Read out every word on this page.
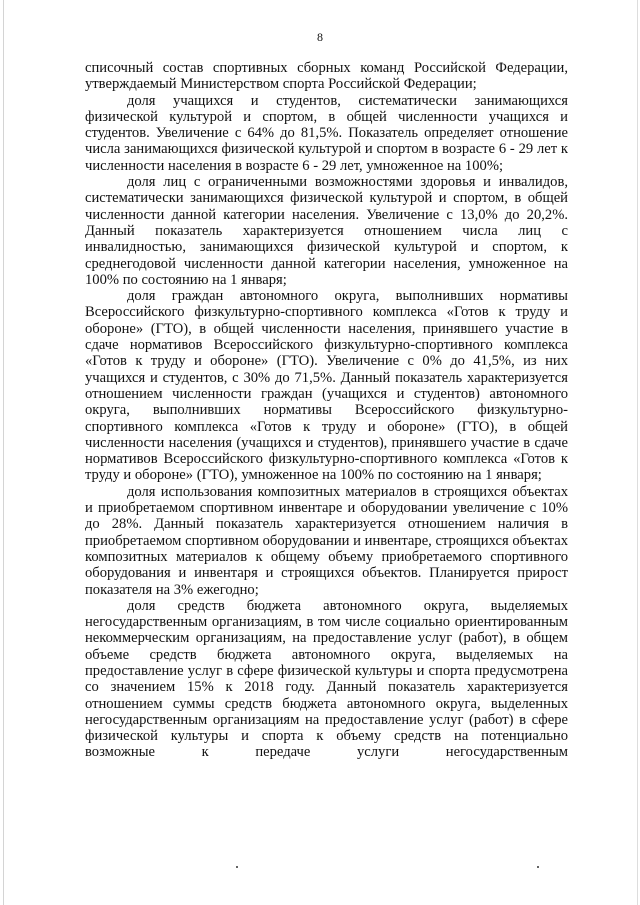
8

списочный состав спортивных сборных команд Российской Федерации, утверждаемый Министерством спорта Российской Федерации;

доля учащихся и студентов, систематически занимающихся физической культурой и спортом, в общей численности учащихся и студентов. Увеличение с 64% до 81,5%. Показатель определяет отношение числа занимающихся физической культурой и спортом в возрасте 6 - 29 лет к численности населения в возрасте 6 - 29 лет, умноженное на 100%;

доля лиц с ограниченными возможностями здоровья и инвалидов, систематически занимающихся физической культурой и спортом, в общей численности данной категории населения. Увеличение с 13,0% до 20,2%. Данный показатель характеризуется отношением числа лиц с инвалидностью, занимающихся физической культурой и спортом, к среднегодовой численности данной категории населения, умноженное на 100% по состоянию на 1 января;

доля граждан автономного округа, выполнивших нормативы Всероссийского физкультурно-спортивного комплекса «Готов к труду и обороне» (ГТО), в общей численности населения, принявшего участие в сдаче нормативов Всероссийского физкультурно-спортивного комплекса «Готов к труду и обороне» (ГТО). Увеличение с 0% до 41,5%, из них учащихся и студентов, с 30% до 71,5%. Данный показатель характеризуется отношением численности граждан (учащихся и студентов) автономного округа, выполнивших нормативы Всероссийского физкультурно-спортивного комплекса «Готов к труду и обороне» (ГТО), в общей численности населения (учащихся и студентов), принявшего участие в сдаче нормативов Всероссийского физкультурно-спортивного комплекса «Готов к труду и обороне» (ГТО), умноженное на 100% по состоянию на 1 января;

доля использования композитных материалов в строящихся объектах и приобретаемом спортивном инвентаре и оборудовании увеличение с 10% до 28%. Данный показатель характеризуется отношением наличия в приобретаемом спортивном оборудовании и инвентаре, строящихся объектах композитных материалов к общему объему приобретаемого спортивного оборудования и инвентаря и строящихся объектов. Планируется прирост показателя на 3% ежегодно;

доля средств бюджета автономного округа, выделяемых негосударственным организациям, в том числе социально ориентированным некоммерческим организациям, на предоставление услуг (работ), в общем объеме средств бюджета автономного округа, выделяемых на предоставление услуг в сфере физической культуры и спорта предусмотрена со значением 15% к 2018 году. Данный показатель характеризуется отношением суммы средств бюджета автономного округа, выделенных негосударственным организациям на предоставление услуг (работ) в сфере физической культуры и спорта к объему средств на потенциально возможные к передаче услуги негосударственным
